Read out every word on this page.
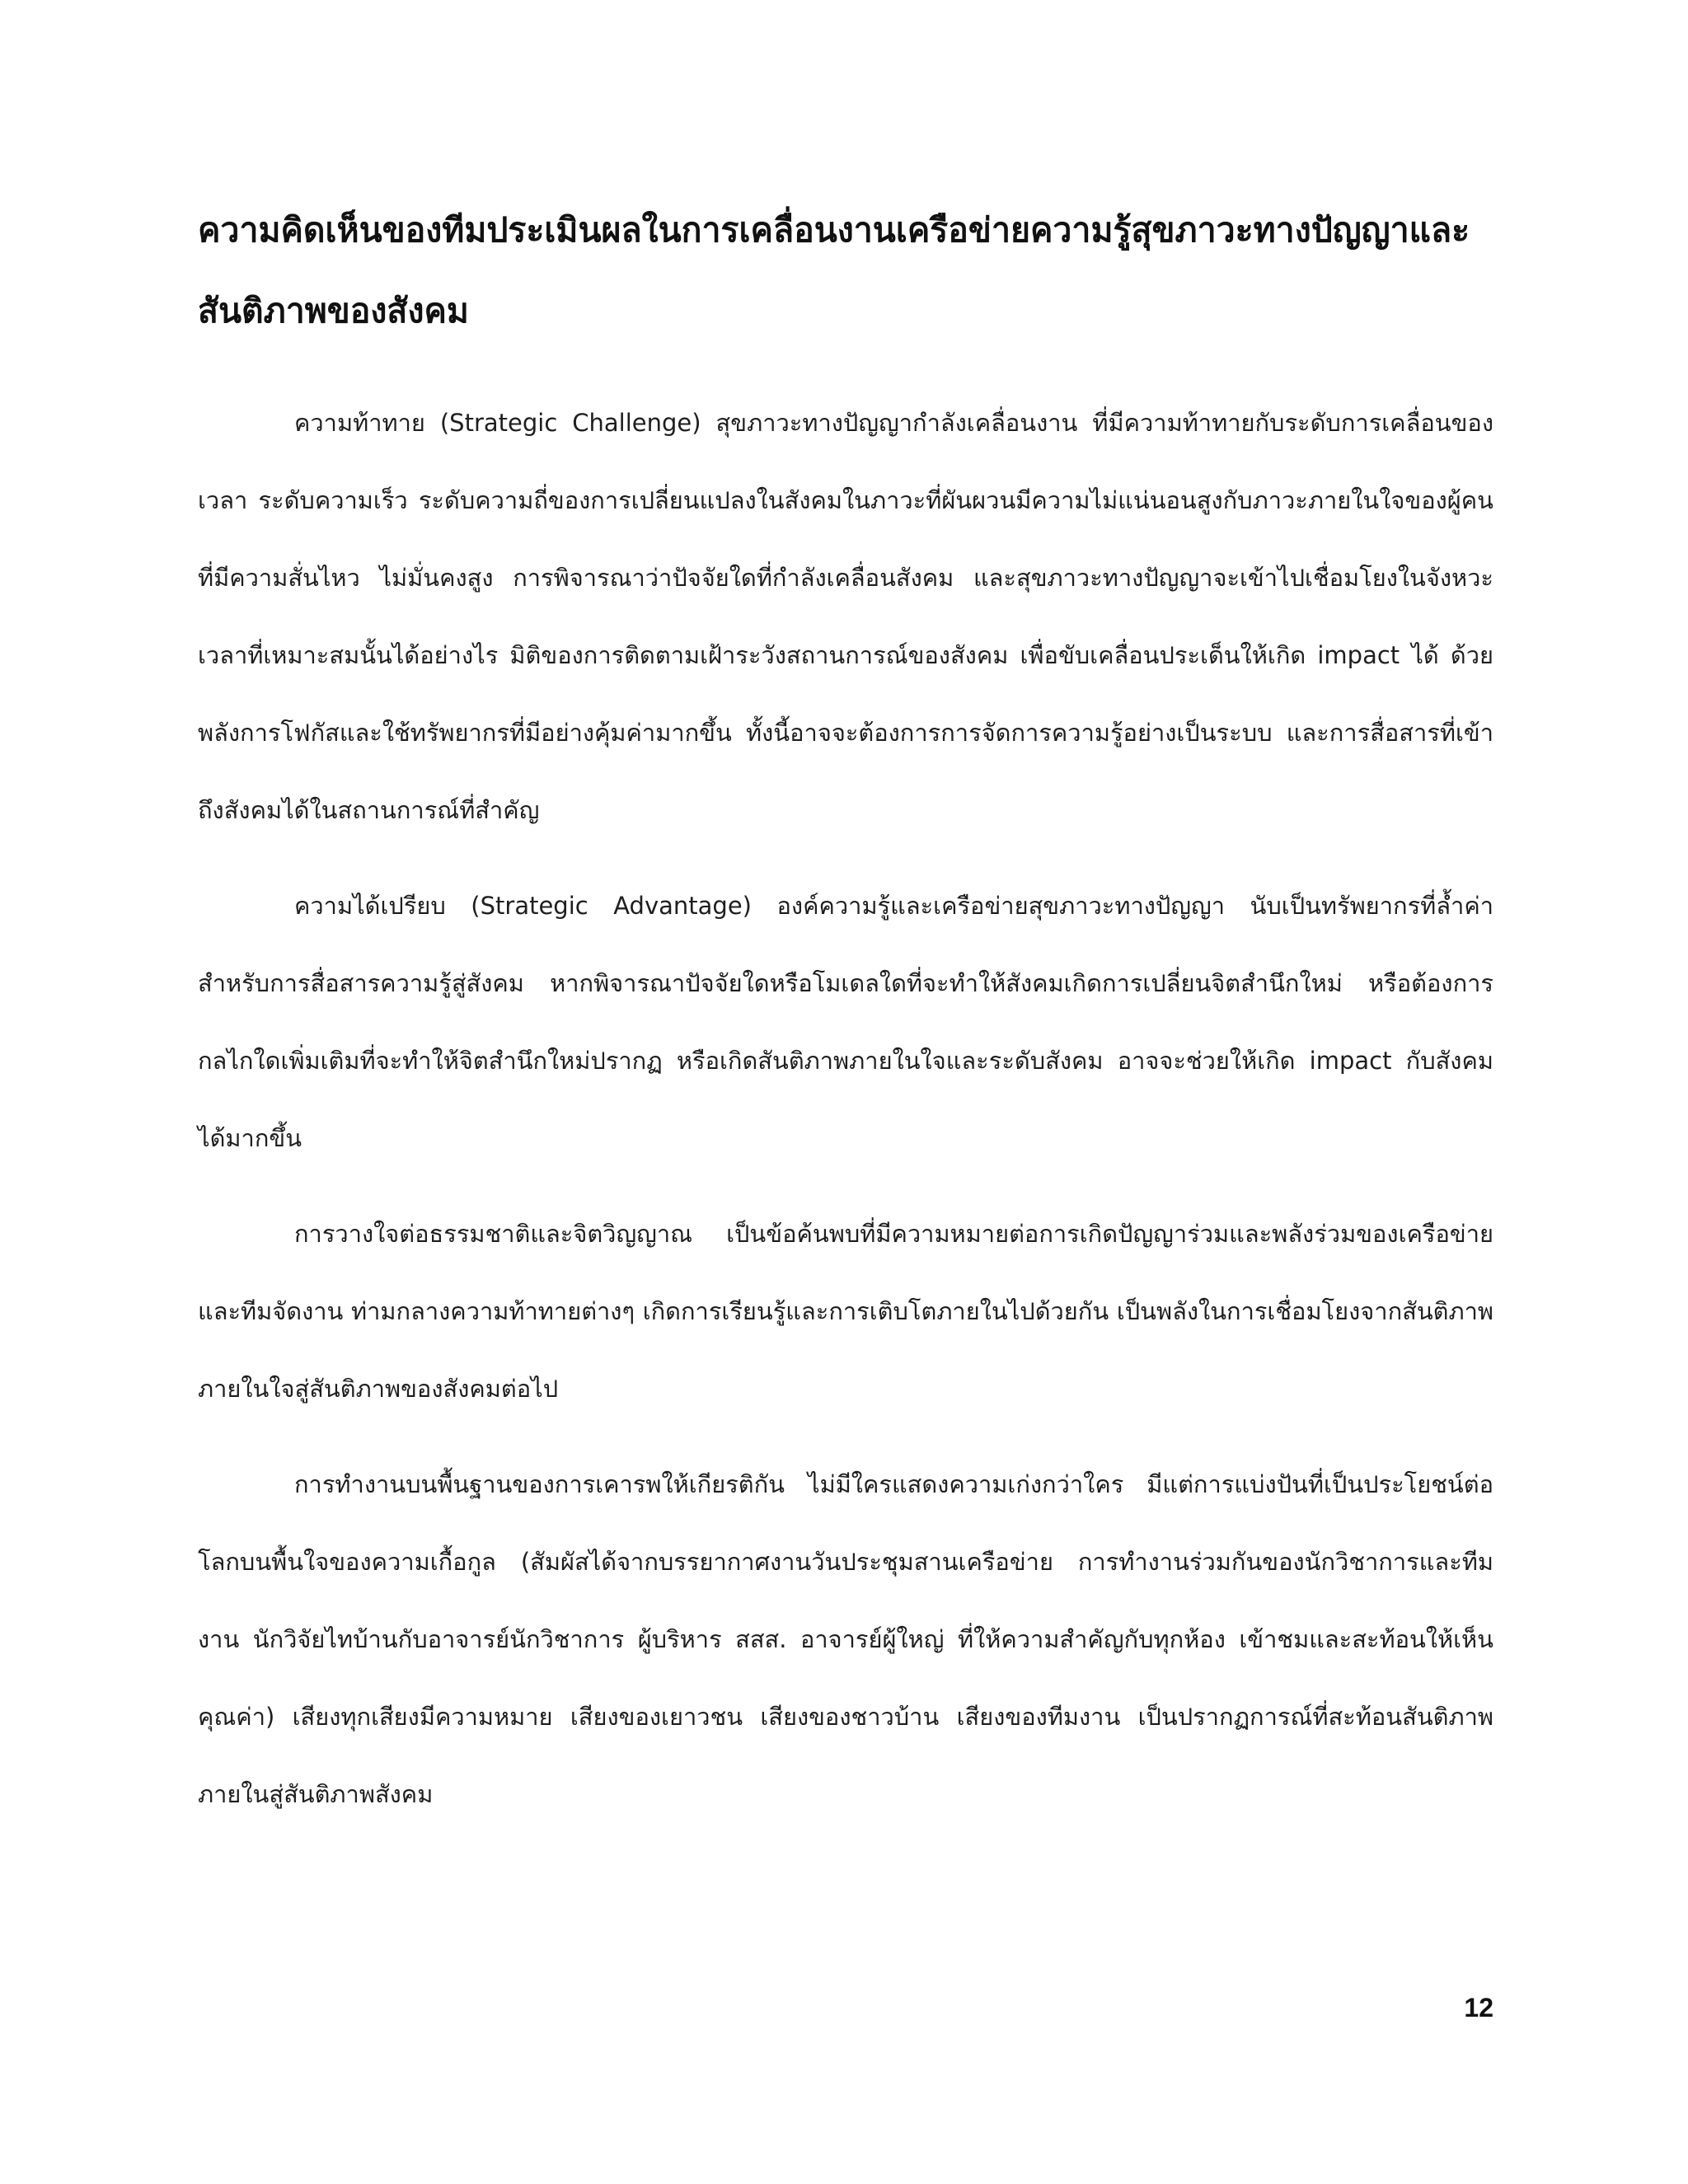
ความคิดเห็นของทีมประเมินผลในการเคลื่อนงานเครือข่ายความรู้สุขภาวะทางปัญญาและสันติภาพของสังคม

ความท้าทาย (Strategic Challenge) สุขภาวะทางปัญญากำลังเคลื่อนงาน ที่มีความท้าทายกับระดับการเคลื่อนของเวลา ระดับความเร็ว ระดับความถี่ของการเปลี่ยนแปลงในสังคมในภาวะที่ผันผวนมีความไม่แน่นอนสูงกับภาวะภายในใจของผู้คนที่มีความสั่นไหว ไม่มั่นคงสูง การพิจารณาว่าปัจจัยใดที่กำลังเคลื่อนสังคม และสุขภาวะทางปัญญาจะเข้าไปเชื่อมโยงในจังหวะเวลาที่เหมาะสมนั้นได้อย่างไร มิติของการติดตามเฝ้าระวังสถานการณ์ของสังคม เพื่อขับเคลื่อนประเด็นให้เกิด impact ได้ ด้วยพลังการโฟกัสและใช้ทรัพยากรที่มีอย่างคุ้มค่ามากขึ้น ทั้งนี้อาจจะต้องการการจัดการความรู้อย่างเป็นระบบ และการสื่อสารที่เข้าถึงสังคมได้ในสถานการณ์ที่สำคัญ

ความได้เปรียบ (Strategic Advantage) องค์ความรู้และเครือข่ายสุขภาวะทางปัญญา นับเป็นทรัพยากรที่ล้ำค่า สำหรับการสื่อสารความรู้สู่สังคม หากพิจารณาปัจจัยใดหรือโมเดลใดที่จะทำให้สังคมเกิดการเปลี่ยนจิตสำนึกใหม่ หรือต้องการกลไกใดเพิ่มเติมที่จะทำให้จิตสำนึกใหม่ปรากฏ หรือเกิดสันติภาพภายในใจและระดับสังคม อาจจะช่วยให้เกิด impact กับสังคมได้มากขึ้น

การวางใจต่อธรรมชาติและจิตวิญญาณ เป็นข้อค้นพบที่มีความหมายต่อการเกิดปัญญาร่วมและพลังร่วมของเครือข่ายและทีมจัดงาน ท่ามกลางความท้าทายต่างๆ เกิดการเรียนรู้และการเติบโตภายในไปด้วยกัน เป็นพลังในการเชื่อมโยงจากสันติภาพภายในใจสู่สันติภาพของสังคมต่อไป

การทำงานบนพื้นฐานของการเคารพให้เกียรติกัน ไม่มีใครแสดงความเก่งกว่าใคร มีแต่การแบ่งปันที่เป็นประโยชน์ต่อโลกบนพื้นใจของความเกื้อกูล (สัมผัสได้จากบรรยากาศงานวันประชุมสานเครือข่าย การทำงานร่วมกันของนักวิชาการและทีมงาน นักวิจัยไทบ้านกับอาจารย์นักวิชาการ ผู้บริหาร สสส. อาจารย์ผู้ใหญ่ ที่ให้ความสำคัญกับทุกห้อง เข้าชมและสะท้อนให้เห็นคุณค่า) เสียงทุกเสียงมีความหมาย เสียงของเยาวชน เสียงของชาวบ้าน เสียงของทีมงาน เป็นปรากฏการณ์ที่สะท้อนสันติภาพภายในสู่สันติภาพสังคม

12
